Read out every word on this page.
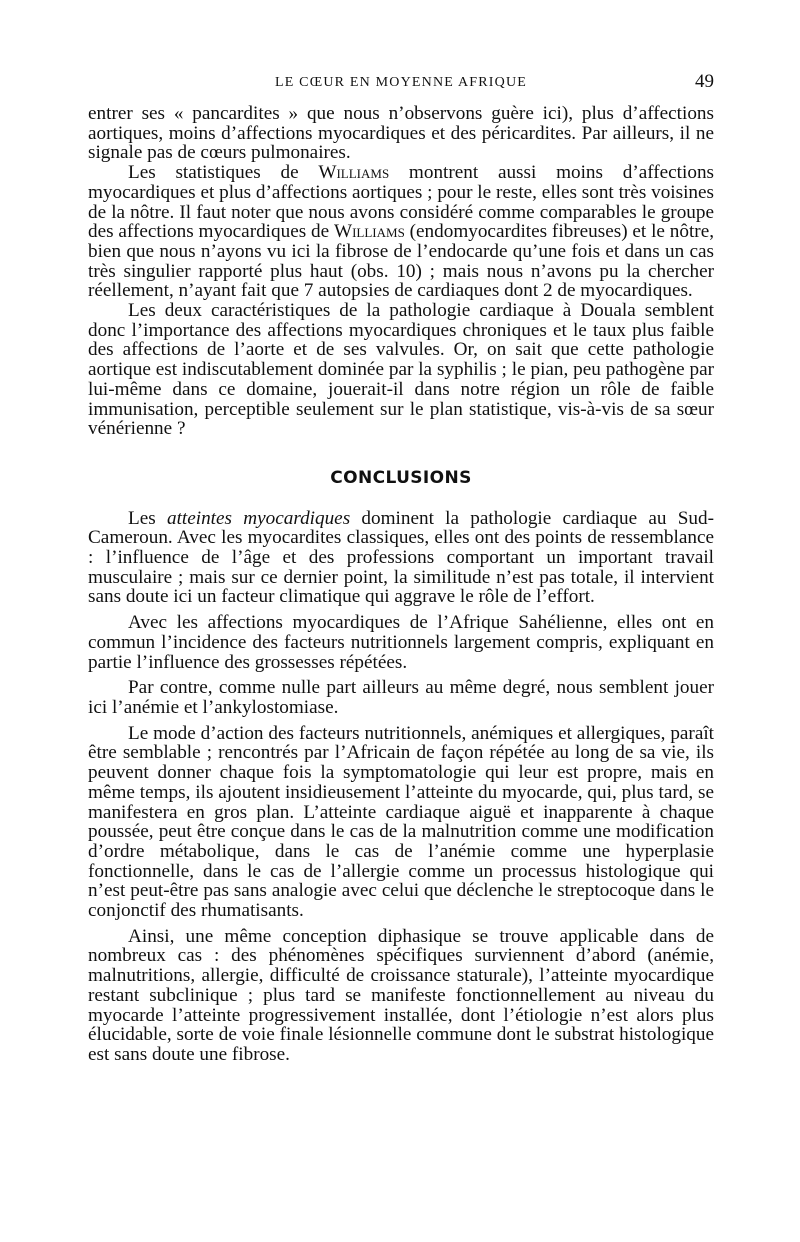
LE CŒUR EN MOYENNE AFRIQUE	49

entrer ses « pancardites » que nous n’observons guère ici), plus d’affections aortiques, moins d’affections myocardiques et des péricardites. Par ailleurs, il ne signale pas de cœurs pulmonaires.

Les statistiques de Williams montrent aussi moins d’affections myocardiques et plus d’affections aortiques ; pour le reste, elles sont très voisines de la nôtre. Il faut noter que nous avons considéré comme comparables le groupe des affections myocardiques de Williams (endomyocardites fibreuses) et le nôtre, bien que nous n’ayons vu ici la fibrose de l’endocarde qu’une fois et dans un cas très singulier rapporté plus haut (obs. 10) ; mais nous n’avons pu la chercher réellement, n’ayant fait que 7 autopsies de cardiaques dont 2 de myocardiques.

Les deux caractéristiques de la pathologie cardiaque à Douala semblent donc l’importance des affections myocardiques chroniques et le taux plus faible des affections de l’aorte et de ses valvules. Or, on sait que cette pathologie aortique est indiscutablement dominée par la syphilis ; le pian, peu pathogène par lui-même dans ce domaine, jouerait-il dans notre région un rôle de faible immunisation, perceptible seulement sur le plan statistique, vis-à-vis de sa sœur vénérienne ?

CONCLUSIONS

Les atteintes myocardiques dominent la pathologie cardiaque au Sud-Cameroun. Avec les myocardites classiques, elles ont des points de ressemblance : l’influence de l’âge et des professions comportant un important travail musculaire ; mais sur ce dernier point, la similitude n’est pas totale, il intervient sans doute ici un facteur climatique qui aggrave le rôle de l’effort.

Avec les affections myocardiques de l’Afrique Sahélienne, elles ont en commun l’incidence des facteurs nutritionnels largement compris, expliquant en partie l’influence des grossesses répétées.

Par contre, comme nulle part ailleurs au même degré, nous semblent jouer ici l’anémie et l’ankylostomiase.

Le mode d’action des facteurs nutritionnels, anémiques et allergiques, paraît être semblable ; rencontrés par l’Africain de façon répétée au long de sa vie, ils peuvent donner chaque fois la symptomatologie qui leur est propre, mais en même temps, ils ajoutent insidieusement l’atteinte du myocarde, qui, plus tard, se manifestera en gros plan. L’atteinte cardiaque aiguë et inapparente à chaque poussée, peut être conçue dans le cas de la malnutrition comme une modification d’ordre métabolique, dans le cas de l’anémie comme une hyperplasie fonctionnelle, dans le cas de l’allergie comme un processus histologique qui n’est peut-être pas sans analogie avec celui que déclenche le streptocoque dans le conjonctif des rhumatisants.

Ainsi, une même conception diphasique se trouve applicable dans de nombreux cas : des phénomènes spécifiques surviennent d’abord (anémie, malnutritions, allergie, difficulté de croissance staturale), l’atteinte myocardique restant subclinique ; plus tard se manifeste fonctionnellement au niveau du myocarde l’atteinte progressivement installée, dont l’étiologie n’est alors plus élucidable, sorte de voie finale lésionnelle commune dont le substrat histologique est sans doute une fibrose.
